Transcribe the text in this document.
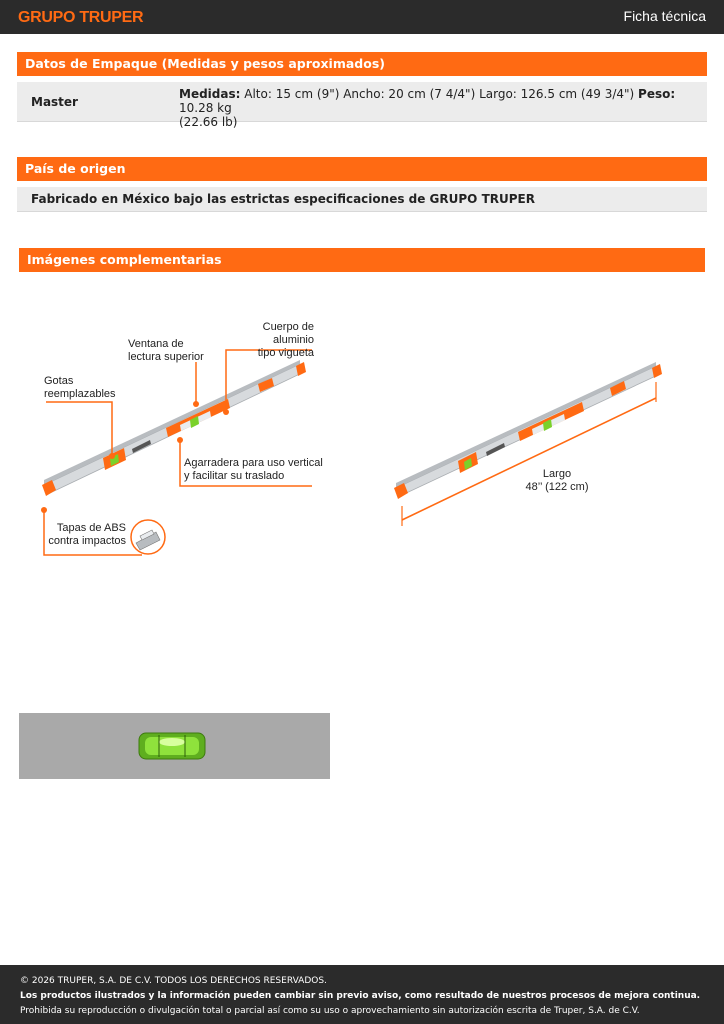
GRUPO TRUPER	Ficha técnica
Datos de Empaque (Medidas y pesos aproximados)
Master
Medidas: Alto: 15 cm (9") Ancho: 20 cm (7 4/4") Largo: 126.5 cm (49 3/4") Peso: 10.28 kg
(22.66 lb)
País de origen
Fabricado en México bajo las estrictas especificaciones de GRUPO TRUPER
Imágenes complementarias
Cuerpo de aluminio
tipo vigueta
Ventana de
lectura superior
Gotas
reemplazables
Agarradera para uso vertical
y facilitar su traslado
Tapas de ABS
contra impactos
Largo
48’’ (122 cm)
© 2026 TRUPER, S.A. DE C.V. TODOS LOS DERECHOS RESERVADOS.
Los productos ilustrados y la información pueden cambiar sin previo aviso, como resultado de nuestros procesos de mejora continua.
Prohibida su reproducción o divulgación total o parcial así como su uso o aprovechamiento sin autorización escrita de Truper, S.A. de C.V.
